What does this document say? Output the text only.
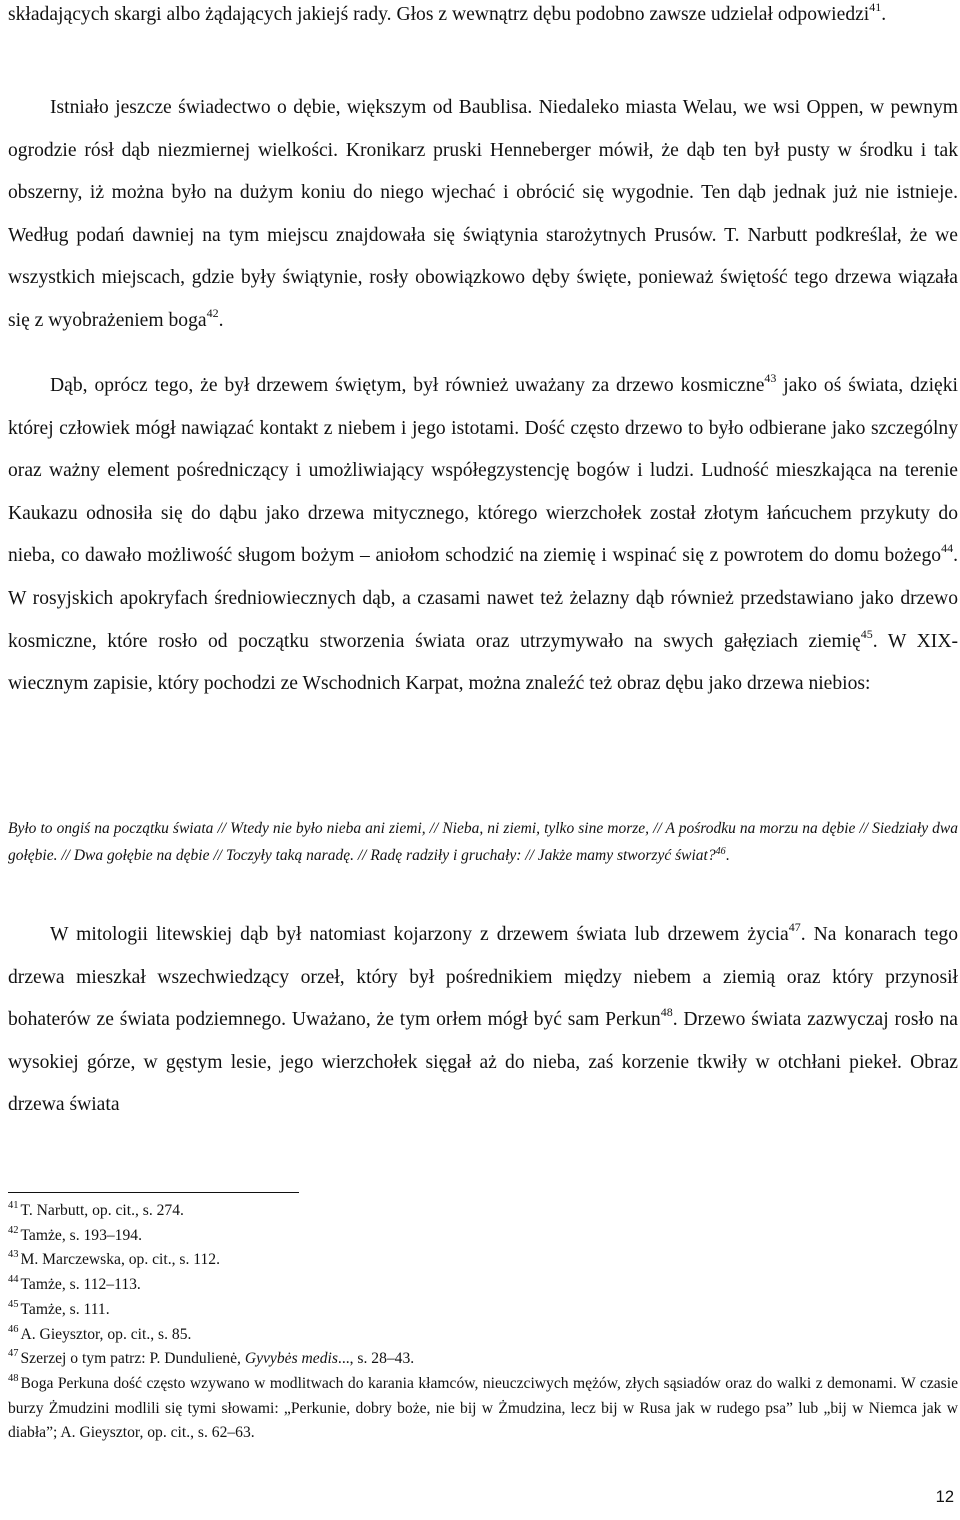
składających skargi albo żądających jakiejś rady. Głos z wewnątrz dębu podobno zawsze udzielał odpowiedzi$^{41}$.

Istniało jeszcze świadectwo o dębie, większym od Baublisa. Niedaleko miasta Welau, we wsi Oppen, w pewnym ogrodzie rósł dąb niezmiernej wielkości. Kronikarz pruski Henneberger mówił, że dąb ten był pusty w środku i tak obszerny, iż można było na dużym koniu do niego wjechać i obrócić się wygodnie. Ten dąb jednak już nie istnieje. Według podań dawniej na tym miejscu znajdowała się świątynia starożytnych Prusów. T. Narbutt podkreślał, że we wszystkich miejscach, gdzie były świątynie, rosły obowiązkowo dęby święte, ponieważ świętość tego drzewa wiązała się z wyobrażeniem boga$^{42}$.

Dąb, oprócz tego, że był drzewem świętym, był również uważany za drzewo kosmiczne$^{43}$ jako oś świata, dzięki której człowiek mógł nawiązać kontakt z niebem i jego istotami. Dość często drzewo to było odbierane jako szczególny oraz ważny element pośredniczący i umożliwiający współegzystencję bogów i ludzi. Ludność mieszkająca na terenie Kaukazu odnosiła się do dąbu jako drzewa mitycznego, którego wierzchołek został złotym łańcuchem przykuty do nieba, co dawało możliwość sługom bożym – aniołom schodzić na ziemię i wspinać się z powrotem do domu bożego$^{44}$. W rosyjskich apokryfach średniowiecznych dąb, a czasami nawet też żelazny dąb również przedstawiano jako drzewo kosmiczne, które rosło od początku stworzenia świata oraz utrzymywało na swych gałęziach ziemię$^{45}$. W XIX-wiecznym zapisie, który pochodzi ze Wschodnich Karpat, można znaleźć też obraz dębu jako drzewa niebios:

Było to ongiś na początku świata // Wtedy nie było nieba ani ziemi, // Nieba, ni ziemi, tylko sine morze, // A pośrodku na morzu na dębie // Siedziały dwa gołębie. // Dwa gołębie na dębie // Toczyły taką naradę. // Radę radziły i gruchały: // Jakże mamy stworzyć świat?$^{46}$.

W mitologii litewskiej dąb był natomiast kojarzony z drzewem świata lub drzewem życia$^{47}$. Na konarach tego drzewa mieszkał wszechwiedzący orzeł, który był pośrednikiem między niebem a ziemią oraz który przynosił bohaterów ze świata podziemnego. Uważano, że tym orłem mógł być sam Perkun$^{48}$. Drzewo świata zazwyczaj rosło na wysokiej górze, w gęstym lesie, jego wierzchołek sięgał aż do nieba, zaś korzenie tkwiły w otchłani piekeł. Obraz drzewa świata

$^{41}$ T. Narbutt, op. cit., s. 274.
$^{42}$ Tamże, s. 193–194.
$^{43}$ M. Marczewska, op. cit., s. 112.
$^{44}$ Tamże, s. 112–113.
$^{45}$ Tamże, s. 111.
$^{46}$ A. Gieysztor, op. cit., s. 85.
$^{47}$ Szerzej o tym patrz: P. Dundulienė, Gyvybės medis..., s. 28–43.
$^{48}$ Boga Perkuna dość często wzywano w modlitwach do karania kłamców, nieuczciwych mężów, złych sąsiadów oraz do walki z demonami. W czasie burzy Żmudzini modlili się tymi słowami: „Perkunie, dobry boże, nie bij w Żmudzina, lecz bij w Rusa jak w rudego psa” lub „bij w Niemca jak w diabła”; A. Gieysztor, op. cit., s. 62–63.
12
